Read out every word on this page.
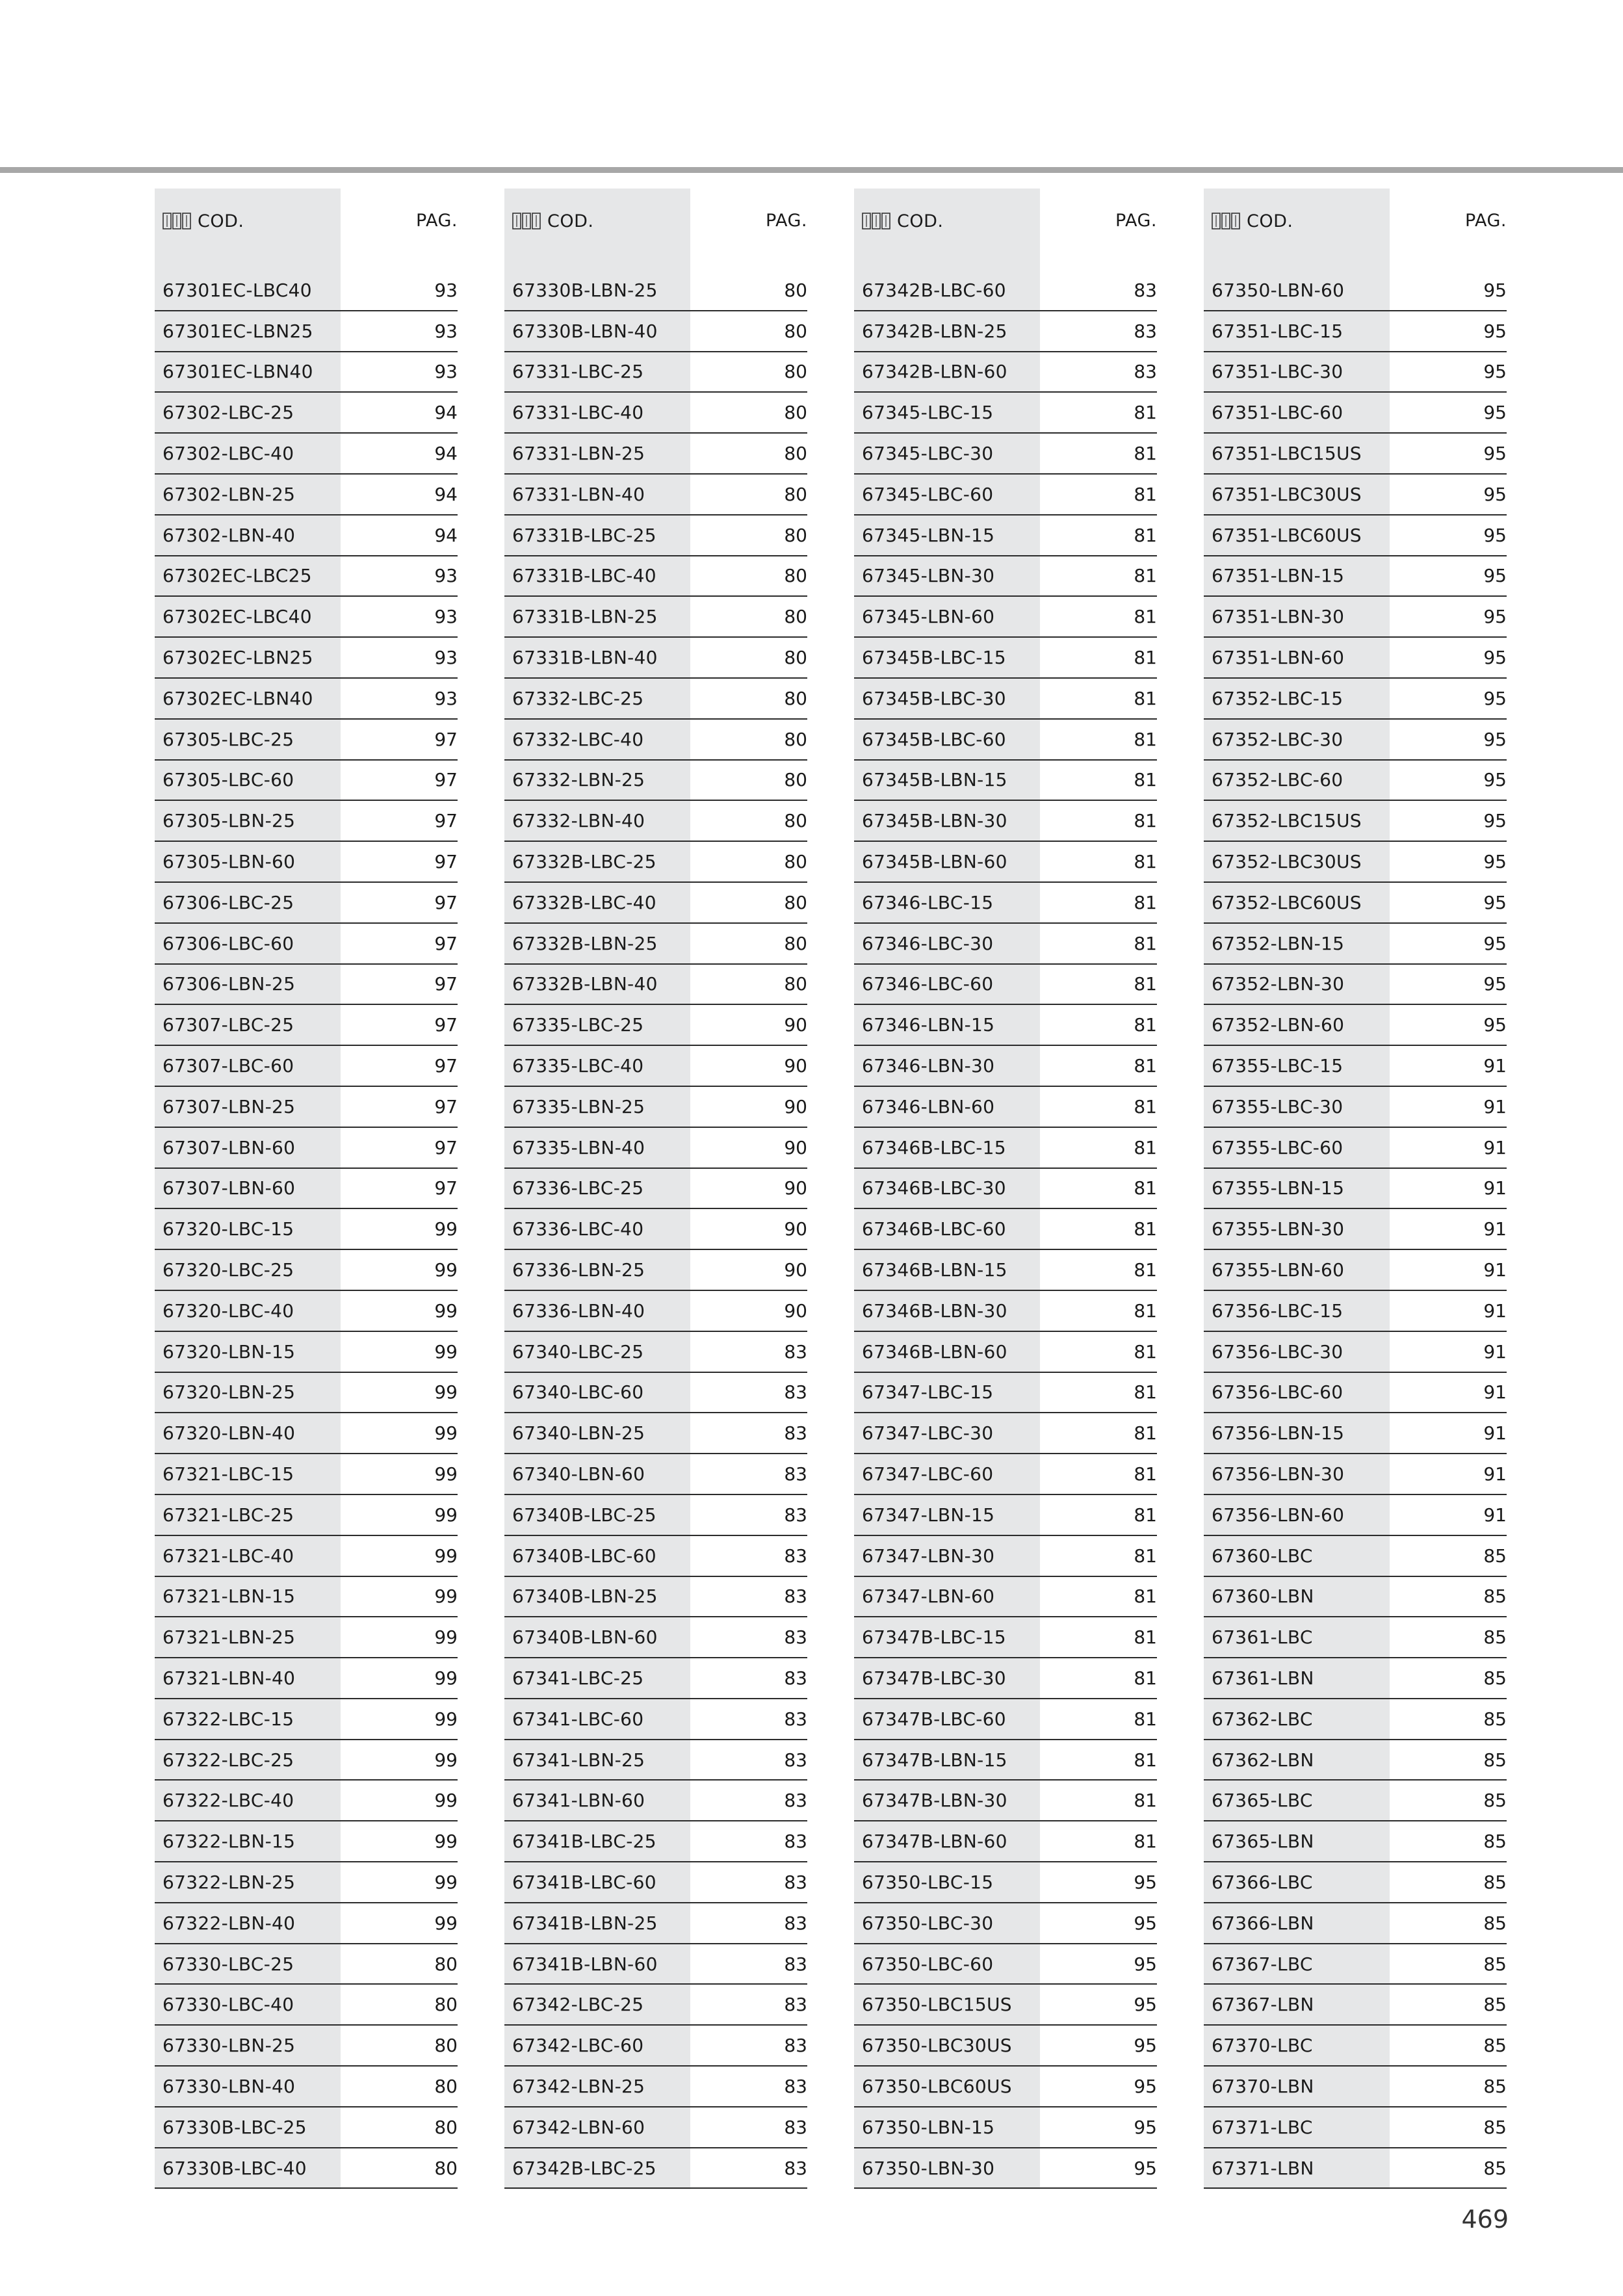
COD.	PAG.
67301EC-LBC40	93
67301EC-LBN25	93
67301EC-LBN40	93
67302-LBC-25	94
67302-LBC-40	94
67302-LBN-25	94
67302-LBN-40	94
67302EC-LBC25	93
67302EC-LBC40	93
67302EC-LBN25	93
67302EC-LBN40	93
67305-LBC-25	97
67305-LBC-60	97
67305-LBN-25	97
67305-LBN-60	97
67306-LBC-25	97
67306-LBC-60	97
67306-LBN-25	97
67307-LBC-25	97
67307-LBC-60	97
67307-LBN-25	97
67307-LBN-60	97
67307-LBN-60	97
67320-LBC-15	99
67320-LBC-25	99
67320-LBC-40	99
67320-LBN-15	99
67320-LBN-25	99
67320-LBN-40	99
67321-LBC-15	99
67321-LBC-25	99
67321-LBC-40	99
67321-LBN-15	99
67321-LBN-25	99
67321-LBN-40	99
67322-LBC-15	99
67322-LBC-25	99
67322-LBC-40	99
67322-LBN-15	99
67322-LBN-25	99
67322-LBN-40	99
67330-LBC-25	80
67330-LBC-40	80
67330-LBN-25	80
67330-LBN-40	80
67330B-LBC-25	80
67330B-LBC-40	80
COD.	PAG.
67330B-LBN-25	80
67330B-LBN-40	80
67331-LBC-25	80
67331-LBC-40	80
67331-LBN-25	80
67331-LBN-40	80
67331B-LBC-25	80
67331B-LBC-40	80
67331B-LBN-25	80
67331B-LBN-40	80
67332-LBC-25	80
67332-LBC-40	80
67332-LBN-25	80
67332-LBN-40	80
67332B-LBC-25	80
67332B-LBC-40	80
67332B-LBN-25	80
67332B-LBN-40	80
67335-LBC-25	90
67335-LBC-40	90
67335-LBN-25	90
67335-LBN-40	90
67336-LBC-25	90
67336-LBC-40	90
67336-LBN-25	90
67336-LBN-40	90
67340-LBC-25	83
67340-LBC-60	83
67340-LBN-25	83
67340-LBN-60	83
67340B-LBC-25	83
67340B-LBC-60	83
67340B-LBN-25	83
67340B-LBN-60	83
67341-LBC-25	83
67341-LBC-60	83
67341-LBN-25	83
67341-LBN-60	83
67341B-LBC-25	83
67341B-LBC-60	83
67341B-LBN-25	83
67341B-LBN-60	83
67342-LBC-25	83
67342-LBC-60	83
67342-LBN-25	83
67342-LBN-60	83
67342B-LBC-25	83
COD.	PAG.
67342B-LBC-60	83
67342B-LBN-25	83
67342B-LBN-60	83
67345-LBC-15	81
67345-LBC-30	81
67345-LBC-60	81
67345-LBN-15	81
67345-LBN-30	81
67345-LBN-60	81
67345B-LBC-15	81
67345B-LBC-30	81
67345B-LBC-60	81
67345B-LBN-15	81
67345B-LBN-30	81
67345B-LBN-60	81
67346-LBC-15	81
67346-LBC-30	81
67346-LBC-60	81
67346-LBN-15	81
67346-LBN-30	81
67346-LBN-60	81
67346B-LBC-15	81
67346B-LBC-30	81
67346B-LBC-60	81
67346B-LBN-15	81
67346B-LBN-30	81
67346B-LBN-60	81
67347-LBC-15	81
67347-LBC-30	81
67347-LBC-60	81
67347-LBN-15	81
67347-LBN-30	81
67347-LBN-60	81
67347B-LBC-15	81
67347B-LBC-30	81
67347B-LBC-60	81
67347B-LBN-15	81
67347B-LBN-30	81
67347B-LBN-60	81
67350-LBC-15	95
67350-LBC-30	95
67350-LBC-60	95
67350-LBC15US	95
67350-LBC30US	95
67350-LBC60US	95
67350-LBN-15	95
67350-LBN-30	95
COD.	PAG.
67350-LBN-60	95
67351-LBC-15	95
67351-LBC-30	95
67351-LBC-60	95
67351-LBC15US	95
67351-LBC30US	95
67351-LBC60US	95
67351-LBN-15	95
67351-LBN-30	95
67351-LBN-60	95
67352-LBC-15	95
67352-LBC-30	95
67352-LBC-60	95
67352-LBC15US	95
67352-LBC30US	95
67352-LBC60US	95
67352-LBN-15	95
67352-LBN-30	95
67352-LBN-60	95
67355-LBC-15	91
67355-LBC-30	91
67355-LBC-60	91
67355-LBN-15	91
67355-LBN-30	91
67355-LBN-60	91
67356-LBC-15	91
67356-LBC-30	91
67356-LBC-60	91
67356-LBN-15	91
67356-LBN-30	91
67356-LBN-60	91
67360-LBC	85
67360-LBN	85
67361-LBC	85
67361-LBN	85
67362-LBC	85
67362-LBN	85
67365-LBC	85
67365-LBN	85
67366-LBC	85
67366-LBN	85
67367-LBC	85
67367-LBN	85
67370-LBC	85
67370-LBN	85
67371-LBC	85
67371-LBN	85
469
